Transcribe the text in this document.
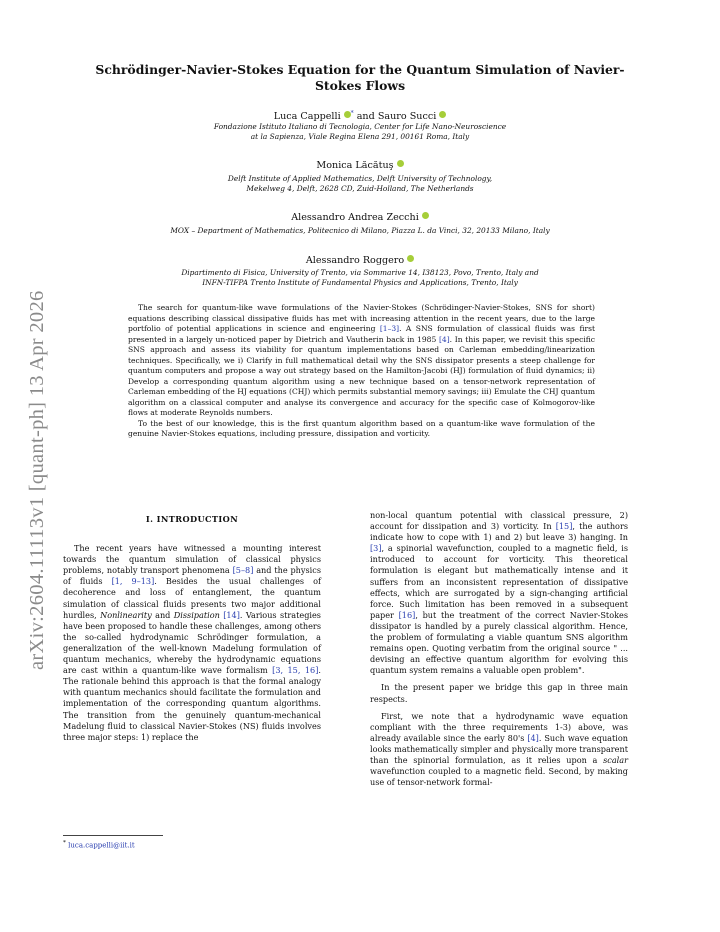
arXiv:2604.11113v1 [quant-ph] 13 Apr 2026
Schrödinger-Navier-Stokes Equation for the Quantum Simulation of Navier-Stokes Flows
Luca Cappelli * and Sauro Succi
Fondazione Istituto Italiano di Tecnologia, Center for Life Nano-Neuroscience
at la Sapienza, Viale Regina Elena 291, 00161 Roma, Italy
Monica Lăcătuş
Delft Institute of Applied Mathematics, Delft University of Technology,
Mekelweg 4, Delft, 2628 CD, Zuid-Holland, The Netherlands
Alessandro Andrea Zecchi
MOX – Department of Mathematics, Politecnico di Milano, Piazza L. da Vinci, 32, 20133 Milano, Italy
Alessandro Roggero
Dipartimento di Fisica, University of Trento, via Sommarive 14, I38123, Povo, Trento, Italy and
INFN-TIFPA Trento Institute of Fundamental Physics and Applications, Trento, Italy

The search for quantum-like wave formulations of the Navier-Stokes (Schrödinger-Navier-Stokes, SNS for short) equations describing classical dissipative fluids has met with increasing attention in the recent years, due to the large portfolio of potential applications in science and engineering [1–3]. A SNS formulation of classical fluids was first presented in a largely un-noticed paper by Dietrich and Vautherin back in 1985 [4]. In this paper, we revisit this specific SNS approach and assess its viability for quantum implementations based on Carleman embedding/linearization techniques. Specifically, we i) Clarify in full mathematical detail why the SNS dissipator presents a steep challenge for quantum computers and propose a way out strategy based on the Hamilton-Jacobi (HJ) formulation of fluid dynamics; ii) Develop a corresponding quantum algorithm using a new technique based on a tensor-network representation of Carleman embedding of the HJ equations (CHJ) which permits substantial memory savings; iii) Emulate the CHJ quantum algorithm on a classical computer and analyse its convergence and accuracy for the specific case of Kolmogorov-like flows at moderate Reynolds numbers.

To the best of our knowledge, this is the first quantum algorithm based on a quantum-like wave formulation of the genuine Navier-Stokes equations, including pressure, dissipation and vorticity.

I. INTRODUCTION

The recent years have witnessed a mounting interest towards the quantum simulation of classical physics problems, notably transport phenomena [5–8] and the physics of fluids [1, 9–13]. Besides the usual challenges of decoherence and loss of entanglement, the quantum simulation of classical fluids presents two major additional hurdles, Nonlinearity and Dissipation [14]. Various strategies have been proposed to handle these challenges, among others the so-called hydrodynamic Schrödinger formulation, a generalization of the well-known Madelung formulation of quantum mechanics, whereby the hydrodynamic equations are cast within a quantum-like wave formalism [3, 15, 16]. The rationale behind this approach is that the formal analogy with quantum mechanics should facilitate the formulation and implementation of the corresponding quantum algorithms. The transition from the genuinely quantum-mechanical Madelung fluid to classical Navier-Stokes (NS) fluids involves three major steps: 1) replace the

non-local quantum potential with classical pressure, 2) account for dissipation and 3) vorticity. In [15], the authors indicate how to cope with 1) and 2) but leave 3) hanging. In [3], a spinorial wavefunction, coupled to a magnetic field, is introduced to account for vorticity. This theoretical formulation is elegant but mathematically intense and it suffers from an inconsistent representation of dissipative effects, which are surrogated by a sign-changing artificial force. Such limitation has been removed in a subsequent paper [16], but the treatment of the correct Navier-Stokes dissipator is handled by a purely classical algorithm. Hence, the problem of formulating a viable quantum SNS algorithm remains open. Quoting verbatim from the original source " ... devising an effective quantum algorithm for evolving this quantum system remains a valuable open problem".

In the present paper we bridge this gap in three main respects.

First, we note that a hydrodynamic wave equation compliant with the three requirements 1-3) above, was already available since the early 80's [4]. Such wave equation looks mathematically simpler and physically more transparent than the spinorial formulation, as it relies upon a scalar wavefunction coupled to a magnetic field. Second, by making use of tensor-network formal-

* luca.cappelli@iit.it
